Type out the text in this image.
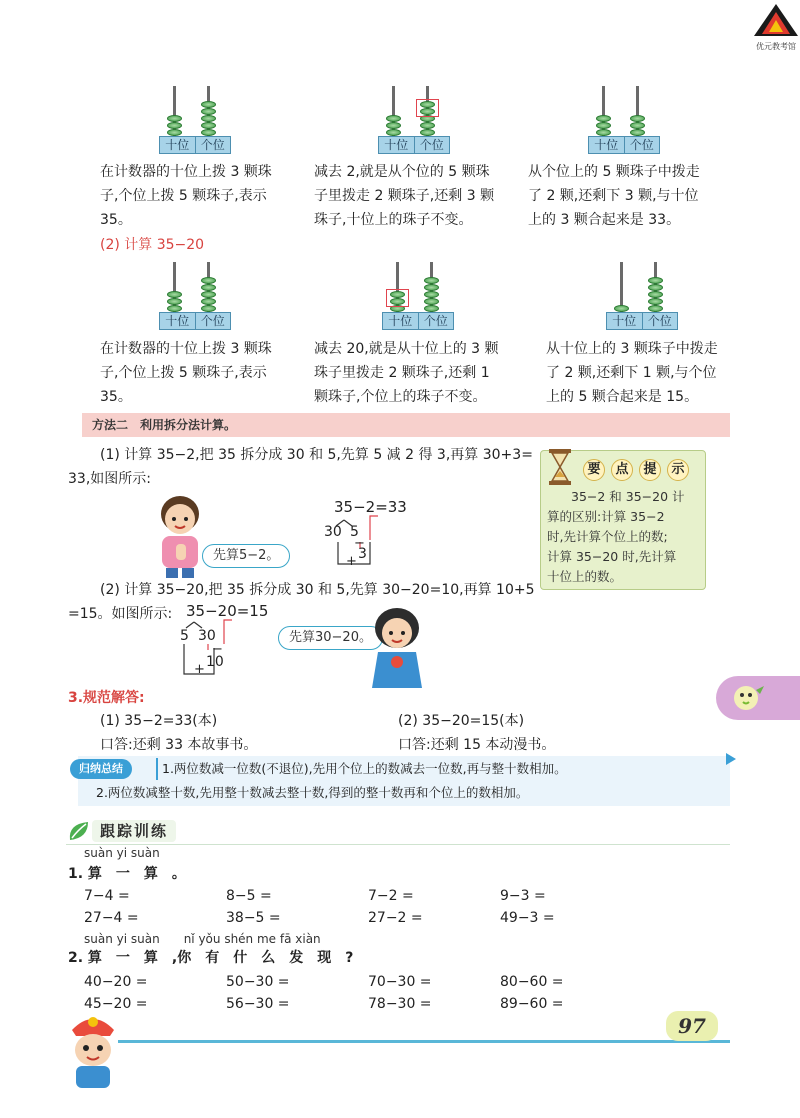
优元教考馆
十位 个位	十位 个位	十位 个位
在计数器的十位上拨 3 颗珠
子,个位上拨 5 颗珠子,表示
35。
减去 2,就是从个位的 5 颗珠
子里拨走 2 颗珠子,还剩 3 颗
珠子,十位上的珠子不变。
从个位上的 5 颗珠子中拨走
了 2 颗,还剩下 3 颗,与十位
上的 3 颗合起来是 33。
(2) 计算 35−20
十位 个位	十位 个位	十位 个位
在计数器的十位上拨 3 颗珠
子,个位上拨 5 颗珠子,表示
35。
减去 20,就是从十位上的 3 颗
珠子里拨走 2 颗珠子,还剩 1
颗珠子,个位上的珠子不变。
从十位上的 3 颗珠子中拨走
了 2 颗,还剩下 1 颗,与个位
上的 5 颗合起来是 15。
方法二　利用拆分法计算。
(1) 计算 35−2,把 35 拆分成 30 和 5,先算 5 减 2 得 3,再算 30+3=
33,如图所示:
先算5−2。
35−2=33
30 5
−
3
+
要	点	提	示
35−2 和 35−20 计
算的区别:计算 35−2
时,先计算个位上的数;
计算 35−20 时,先计算
十位上的数。
(2) 计算 35−20,把 35 拆分成 30 和 5,先算 30−20=10,再算 10+5
=15。如图所示: 35−20=15
5 30
−
10
+
先算30−20。
3.规范解答:
(1) 35−2=33(本)
口答:还剩 33 本故事书。
(2) 35−20=15(本)
口答:还剩 15 本动漫书。
归纳总结	1.两位数减一位数(不退位),先用个位上的数减去一位数,再与整十数相加。
2.两位数减整十数,先用整十数减去整十数,得到的整十数再和个位上的数相加。
跟踪训练
suàn yi suàn
1. 算　一　算　。
7−4 =	8−5 =	7−2 =	9−3 =
27−4 =	38−5 =	27−2 =	49−3 =
suàn yi suàn　　nǐ yǒu shén me fā xiàn
2. 算　一　算　,你　有　什　么　发　现　?
40−20 =	50−30 =	70−30 =	80−60 =
45−20 =	56−30 =	78−30 =	89−60 =
97
